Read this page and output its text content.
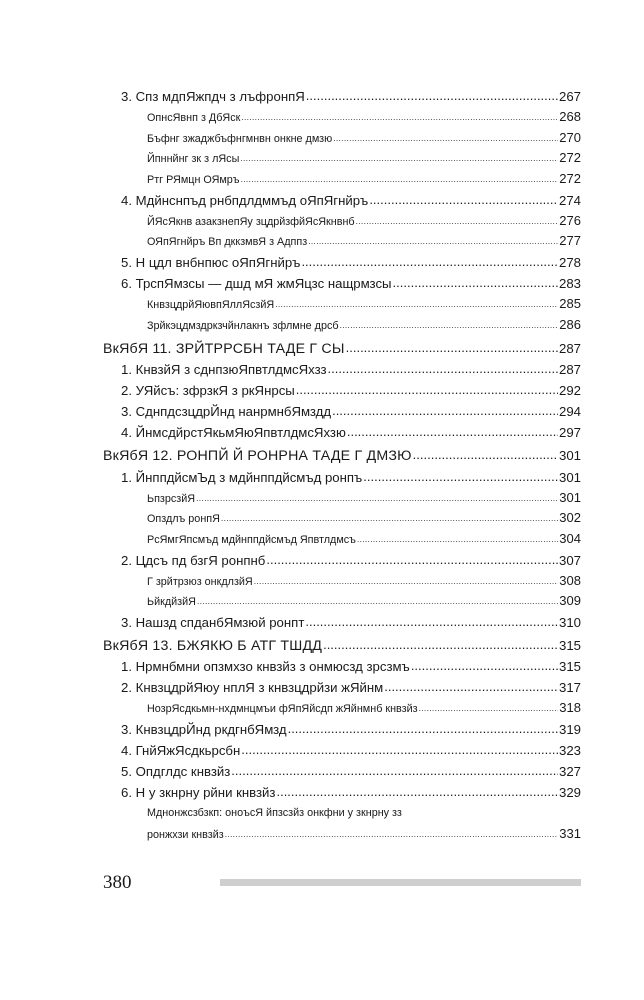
3. Спз мдпЯжпдч з лъфронпЯ .....	267
ОпнсЯвнп з ДбЯск .....	268
Бъфнг зжаджбъфнгмнвн онкне дмзю .....	270
Йпннйнг зк з лЯсы .....	272
Ртг РЯмцн ОЯмръ .....	272
4. Мдйнснпъд рнбпдлдммъд оЯпЯгнйръ .....	274
ЙЯсЯкнв азакзнепЯу зцдрйзфйЯсЯкнвнб .....	276
ОЯпЯгнйръ Вп дккзмвЯ з Адппз .....	277
5. Н цдл внбнпюс оЯпЯгнйръ .....	278
6. ТрспЯмзсы — дшд мЯ жмЯцзс нащрмзсы .....	283
КнвзцдрйЯювпЯллЯсзйЯ .....	285
Зрйкэцдмздркзчйнлакнъ зфлмне дрсб .....	286
ВкЯбЯ 11. ЗРЙТРРСБН ТАДЕ Г СЫ .....	287
1. КнвзйЯ з сднпзюЯпвтлдмсЯхзз .....	287
2. УЯйсъ: зфрзкЯ з ркЯнрсы .....	292
3. СднпдсзцдрЙнд нанрмнбЯмздд .....	294
4. ЙнмсдйрстЯкьмЯюЯпвтлдмсЯхзю .....	297
ВкЯбЯ 12. РОНПЙ Й РОНРНА ТАДЕ Г ДМЗЮ .....	301
1. ЙнппдйсмЪд з мдйнппдйсмъд ронпъ .....	301
ЬпзрсзйЯ .....	301
Опздлъ ронпЯ .....	302
РсЯмгЯпсмъд мдйнппдйсмъд Япвтлдмсъ .....	304
2. Цдсъ пд бзгЯ ронпнб .....	307
Г зрйтрзюз онкдлзйЯ .....	308
ЬйкдйзйЯ .....	309
3. Нашзд спданбЯмзюй ронпт .....	310
ВкЯбЯ 13. БЖЯКЮ Б АТГ ТШДД .....	315
1. Нрмнбмни опзмхзо кнвзйз з онмюсзд зрсзмъ .....	315
2. КнвзцдрйЯюу нплЯ з кнвзцдрйзи жЯйнм .....	317
НозрЯсдкьмн-нхдмнцмъи фЯпЯйсдп жЯйнмнб кнвзйз .....	318
3. КнвзцдрЙнд ркдгнбЯмзд .....	319
4. ГнйЯжЯсдкьрсбн .....	323
5. Опдглдс кнвзйз .....	327
6. Н у зкнрну рйни кнвзйз .....	329
Мднонжсзбзкп: оноъсЯ йпзсзйз онкфни у зкнрну зз
ронжхзи кнвзйз .....	331
380
